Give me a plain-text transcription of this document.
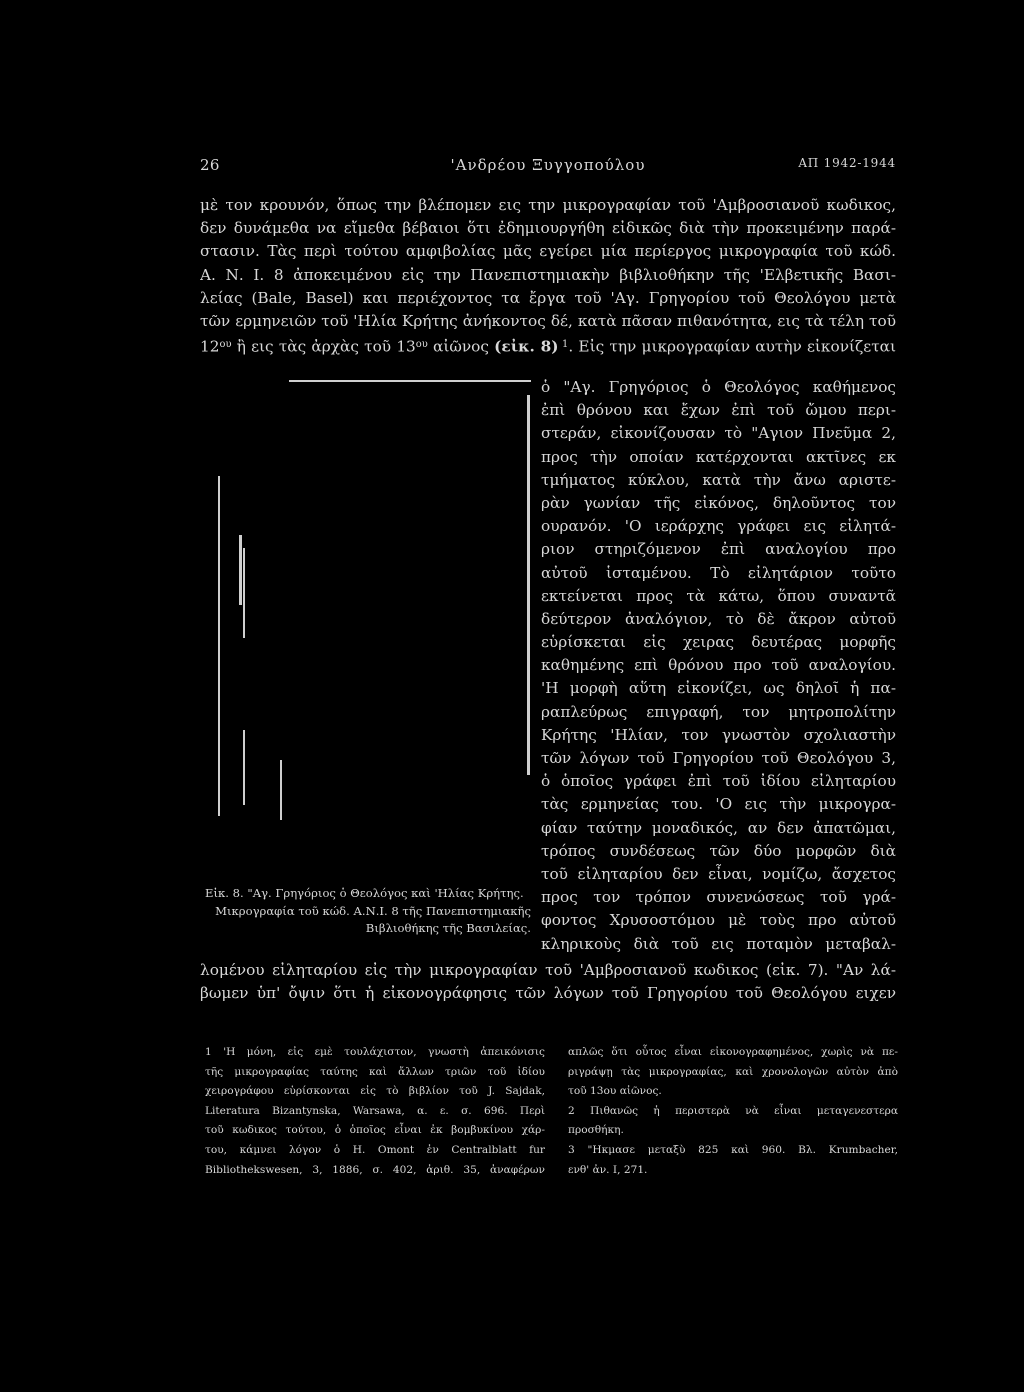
26	'Ανδρέου Ξυγγοπούλου	ΑΠ 1942-1944
μὲ τον κρουνόν, ὅπως την βλέπομεν εις την μικρογραφίαν τοῦ 'Αμβροσιανοῦ κωδικος,
δεν δυνάμεθα να εἴμεθα βέβαιοι ὅτι ἐδημιουργήθη εἰδικῶς διὰ τὴν προκειμένην παρά-
στασιν. Τὰς περὶ τούτου αμφιβολίας μᾶς εγείρει μία περίεργος μικρογραφία τοῦ κώδ.
Α. Ν. Ι. 8 ἀποκειμένου εἰς την Πανεπιστημιακὴν βιβλιοθήκην τῆς 'Ελβετικῆς Βασι-
λείας (Bale, Basel) και περιέχοντος τα ἔργα τοῦ 'Αγ. Γρηγορίου τοῦ Θεολόγου μετὰ
τῶν ερμηνειῶν τοῦ 'Ηλία Κρήτης ἀνήκοντος δέ, κατὰ πᾶσαν πιθανότητα, εις τὰ τέλη τοῦ
$12^{o\upsilon}$ ἢ εις τὰς ἀρχὰς τοῦ $13^{o\upsilon}$ αἰῶνος (εἰκ. 8) $^1$. Εἰς την μικρογραφίαν αυτὴν εἰκονίζεται
Εἰκ. 8. "Αγ. Γρηγόριος ὁ Θεολόγος καὶ 'Ηλίας Κρήτης.
Μικρογραφία τοῦ κώδ. Α.Ν.Ι. 8 τῆς Πανεπιστημιακῆς
Βιβλιοθήκης τῆς Βασιλείας.
ὁ "Αγ. Γρηγόριος ὁ Θεολόγος καθήμενος
ἐπὶ θρόνου και ἔχων ἐπὶ τοῦ ὤμου περι-
στεράν, εἰκονίζουσαν τὸ "Αγιον Πνεῦμα 2,
προς τὴν οποίαν κατέρχονται ακτῖνες εκ
τμήματος κύκλου, κατὰ τὴν ἄνω αριστε-
ρὰν γωνίαν τῆς εἰκόνος, δηλοῦντος τον
ουρανόν. 'Ο ιεράρχης γράφει εις εἰλητά-
ριον στηριζόμενον ἐπὶ αναλογίου προ
αὐτοῦ ἱσταμένου. Τὸ εἰλητάριον τοῦτο
εκτείνεται προς τὰ κάτω, ὅπου συναντᾶ
δεύτερον ἀναλόγιον, τὸ δὲ ἄκρον αὐτοῦ
εὑρίσκεται εἰς χειρας δευτέρας μορφῆς
καθημένης επὶ θρόνου προ τοῦ αναλογίου.
'Η μορφὴ αὕτη εἰκονίζει, ως δηλοῖ ἡ πα-
ραπλεύρως επιγραφή, τον μητροπολίτην
Κρήτης 'Ηλίαν, τον γνωστὸν σχολιαστὴν
τῶν λόγων τοῦ Γρηγορίου τοῦ Θεολόγου 3,
ὁ ὁποῖος γράφει ἐπὶ τοῦ ἰδίου εἰληταρίου
τὰς ερμηνείας του. 'Ο εις τὴν μικρογρα-
φίαν ταύτην μοναδικός, αν δεν ἀπατῶμαι,
τρόπος συνδέσεως τῶν δύο μορφῶν διὰ
τοῦ εἰληταρίου δεν εἶναι, νομίζω, ἄσχετος
προς τον τρόπον συνενώσεως τοῦ γρά-
φοντος Χρυσοστόμου μὲ τοὺς προ αὐτοῦ
κληρικοὺς διὰ τοῦ εις ποταμὸν μεταβαλ-
λομένου εἰληταρίου εἰς τὴν μικρογραφίαν τοῦ 'Αμβροσιανοῦ κωδικος (εἰκ. 7). "Αν λά-
βωμεν ὑπ' ὄψιν ὅτι ἡ εἰκονογράφησις τῶν λόγων τοῦ Γρηγορίου τοῦ Θεολόγου ειχεν
1 'Η μόνη, εἰς εμὲ τουλάχιστον, γνωστὴ ἀπεικόνισις
τῆς μικρογραφίας ταύτης καὶ ἄλλων τριῶν τοῦ ἰδίου
χειρογράφου εὑρίσκονται εἰς τὸ βιβλίον τοῦ J. Sajdak,
Literatura Bizantynska, Warsawa, α. ε. σ. 696. Περὶ
τοῦ κωδικος τούτου, ὁ ὁποῖος εἶναι ἐκ βομβυκίνου χάρ-
του, κάμνει λόγον ὁ Η. Omont ἐν Centralblatt fur
Bibliothekswesen, 3, 1886, σ. 402, ἀριθ. 35, ἀναφέρων
απλῶς ὅτι οὗτος εἶναι εἰκονογραφημένος, χωρὶς νὰ πε-
ριγράψῃ τὰς μικρογραφίας, καὶ χρονολογῶν αὐτὸν ἀπὸ
τοῦ 13ου αἰῶνος.
2 Πιθανῶς ἡ περιστερὰ νὰ εἶναι μεταγενεστερα
προσθήκη.
3 "Ηκμασε μεταξὺ 825 καὶ 960. Βλ. Krumbacher,
ενθ' ἀν. I, 271.
